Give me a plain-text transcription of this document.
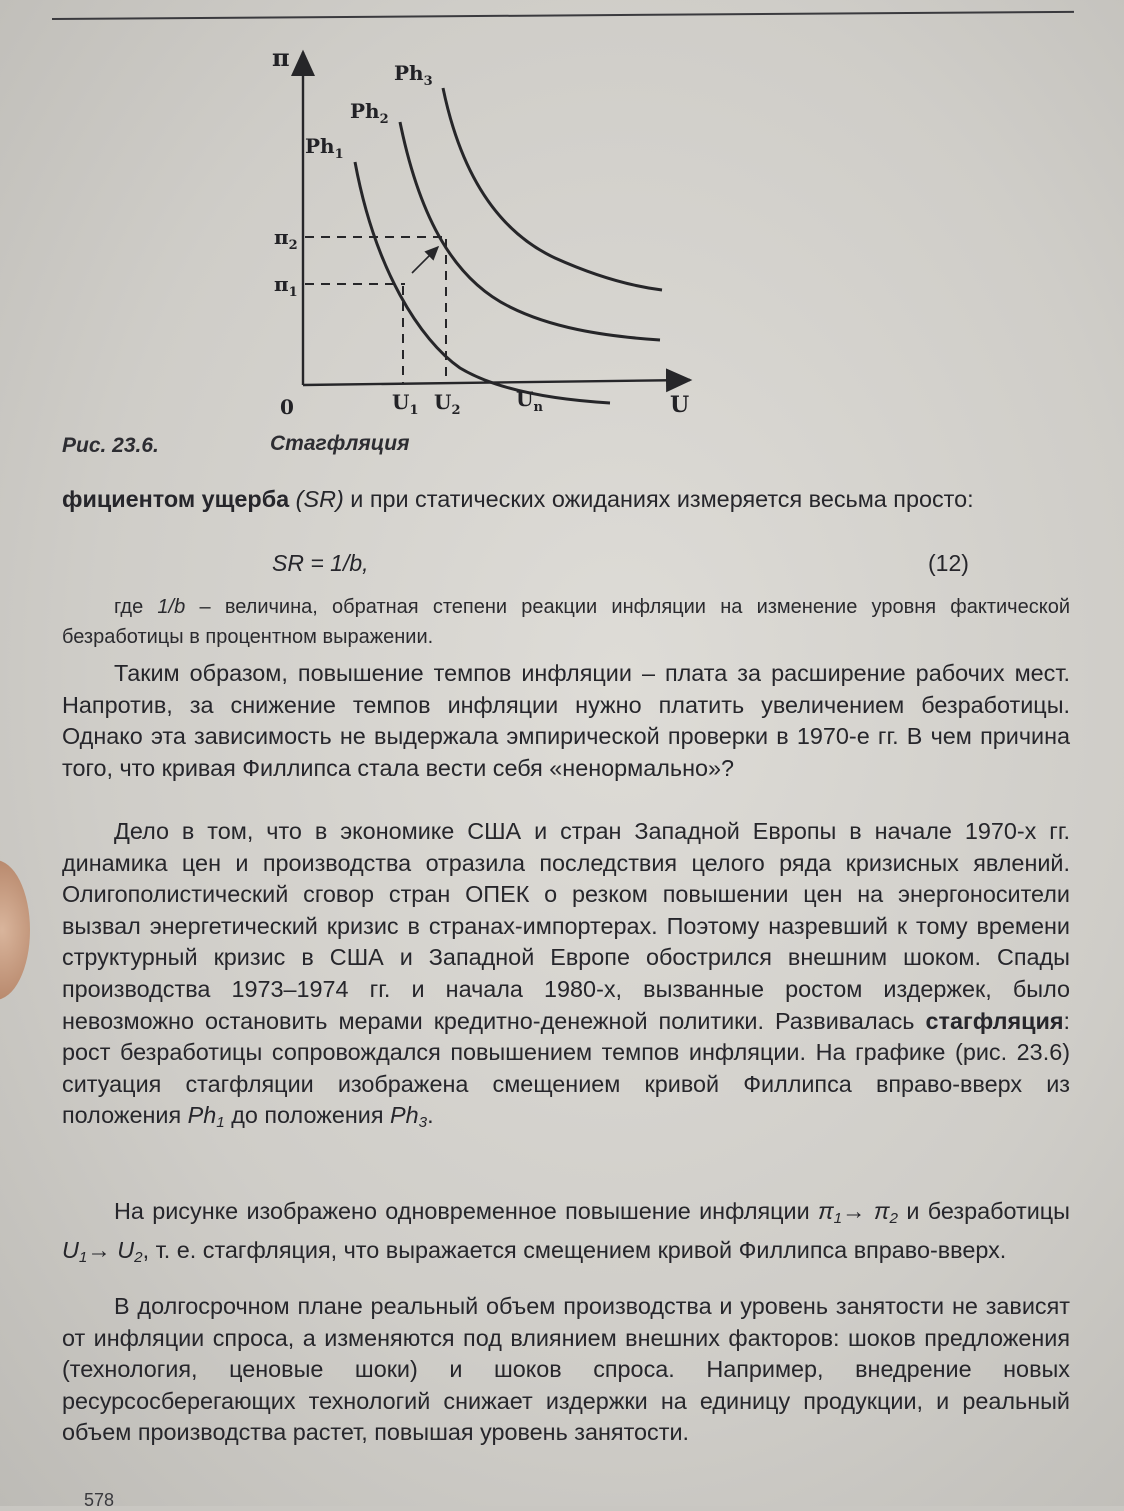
π
U
0
$\pi_2$
$\pi_1$
$U_1$ $U_2$	$U_n$
$Ph_1$
$Ph_2$
$Ph_3$
Рис. 23.6.	Стагфляция

фициентом ущерба (SR) и при статических ожиданиях измеряется весьма просто:

SR = 1/b,	(12)

где 1/b – величина, обратная степени реакции инфляции на изменение уровня фактической безработицы в процентном выражении.

Таким образом, повышение темпов инфляции – плата за расширение рабочих мест. Напротив, за снижение темпов инфляции нужно платить увеличением безработицы. Однако эта зависимость не выдержала эмпирической проверки в 1970-е гг. В чем причина того, что кривая Филлипса стала вести себя «ненормально»?

Дело в том, что в экономике США и стран Западной Европы в начале 1970-х гг. динамика цен и производства отразила последствия целого ряда кризисных явлений. Олигополистический сговор стран ОПЕК о резком повышении цен на энергоносители вызвал энергетический кризис в странах-импортерах. Поэтому назревший к тому времени структурный кризис в США и Западной Европе обострился внешним шоком. Спады производства 1973–1974 гг. и начала 1980-х, вызванные ростом издержек, было невозможно остановить мерами кредитно-денежной политики. Развивалась стагфляция: рост безработицы сопровождался повышением темпов инфляции. На графике (рис. 23.6) ситуация стагфляции изображена смещением кривой Филлипса вправо-вверх из положения $Ph_1$ до положения $Ph_3$.

На рисунке изображено одновременное повышение инфляции $\pi_1\to \pi_2$ и безработицы $U_1\to U_2$, т. е. стагфляция, что выражается смещением кривой Филлипса вправо-вверх.

В долгосрочном плане реальный объем производства и уровень занятости не зависят от инфляции спроса, а изменяются под влиянием внешних факторов: шоков предложения (технология, ценовые шоки) и шоков спроса. Например, внедрение новых ресурсосберегающих технологий снижает издержки на единицу продукции, и реальный объем производства растет, повышая уровень занятости.

578
